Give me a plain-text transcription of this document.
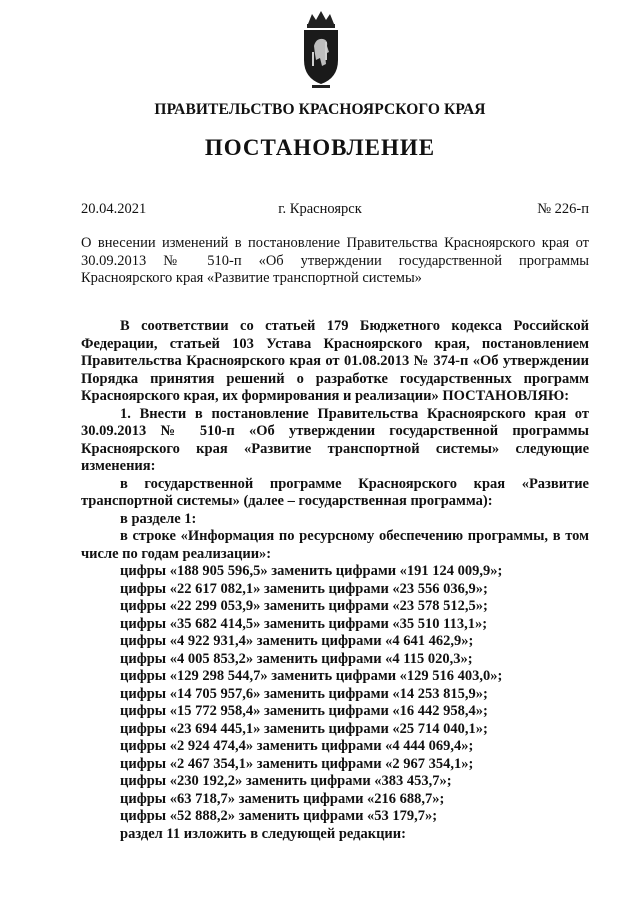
ПРАВИТЕЛЬСТВО КРАСНОЯРСКОГО КРАЯ
ПОСТАНОВЛЕНИЕ
20.04.2021	г. Красноярск	№ 226-п
О внесении изменений в постановление Правительства Красноярского края от 30.09.2013 № 510-п «Об утверждении государственной программы Красноярского края «Развитие транспортной системы»

В соответствии со статьей 179 Бюджетного кодекса Российской Федерации, статьей 103 Устава Красноярского края, постановлением Правительства Красноярского края от 01.08.2013 № 374-п «Об утверждении Порядка принятия решений о разработке государственных программ Красноярского края, их формирования и реализации» ПОСТАНОВЛЯЮ:

1. Внести в постановление Правительства Красноярского края от 30.09.2013 № 510-п «Об утверждении государственной программы Красноярского края «Развитие транспортной системы» следующие изменения:

в государственной программе Красноярского края «Развитие транспортной системы» (далее – государственная программа):

в разделе 1:

в строке «Информация по ресурсному обеспечению программы, в том числе по годам реализации»:

цифры «188 905 596,5» заменить цифрами «191 124 009,9»;

цифры «22 617 082,1» заменить цифрами «23 556 036,9»;

цифры «22 299 053,9» заменить цифрами «23 578 512,5»;

цифры «35 682 414,5» заменить цифрами «35 510 113,1»;

цифры «4 922 931,4» заменить цифрами «4 641 462,9»;

цифры «4 005 853,2» заменить цифрами «4 115 020,3»;

цифры «129 298 544,7» заменить цифрами «129 516 403,0»;

цифры «14 705 957,6» заменить цифрами «14 253 815,9»;

цифры «15 772 958,4» заменить цифрами «16 442 958,4»;

цифры «23 694 445,1» заменить цифрами «25 714 040,1»;

цифры «2 924 474,4» заменить цифрами «4 444 069,4»;

цифры «2 467 354,1» заменить цифрами «2 967 354,1»;

цифры «230 192,2» заменить цифрами «383 453,7»;

цифры «63 718,7» заменить цифрами «216 688,7»;

цифры «52 888,2» заменить цифрами «53 179,7»;

раздел 11 изложить в следующей редакции:
